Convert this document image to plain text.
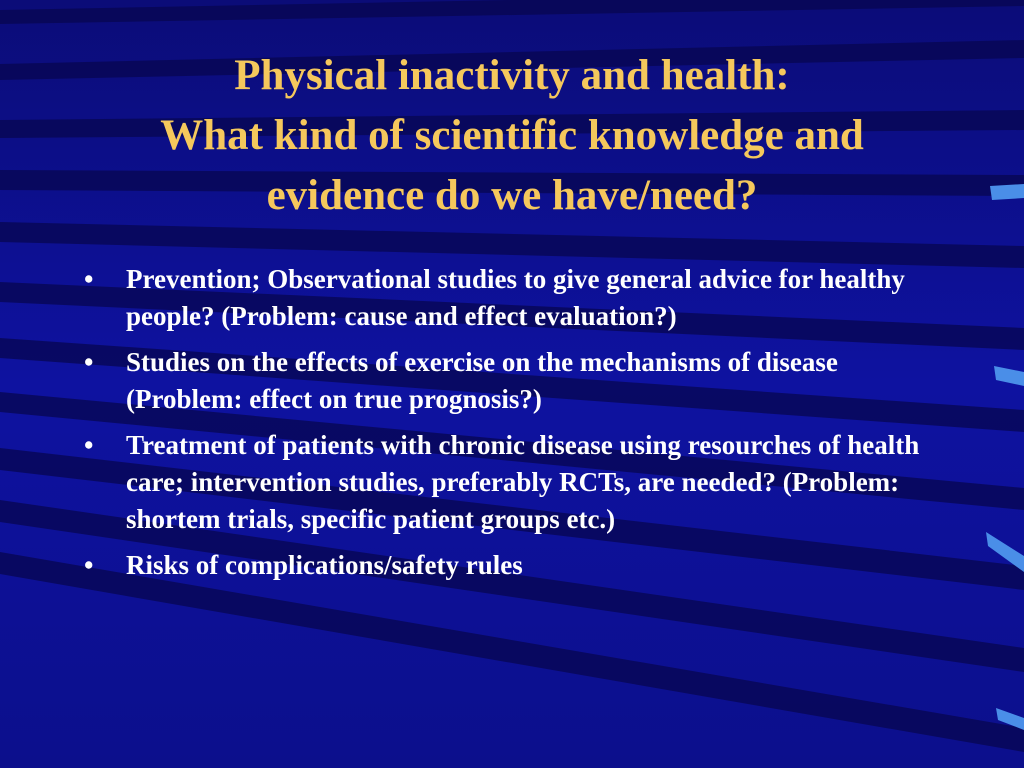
Physical inactivity and health:
What kind of scientific knowledge and
evidence do we have/need?
• Prevention; Observational studies to give general advice for healthy people? (Problem: cause and effect evaluation?)
• Studies on the effects of exercise on the mechanisms of disease (Problem: effect on true prognosis?)
• Treatment of patients with chronic disease using resourches of health care; intervention studies, preferably RCTs, are needed? (Problem: shortem trials, specific patient groups etc.)
• Risks of complications/safety rules
